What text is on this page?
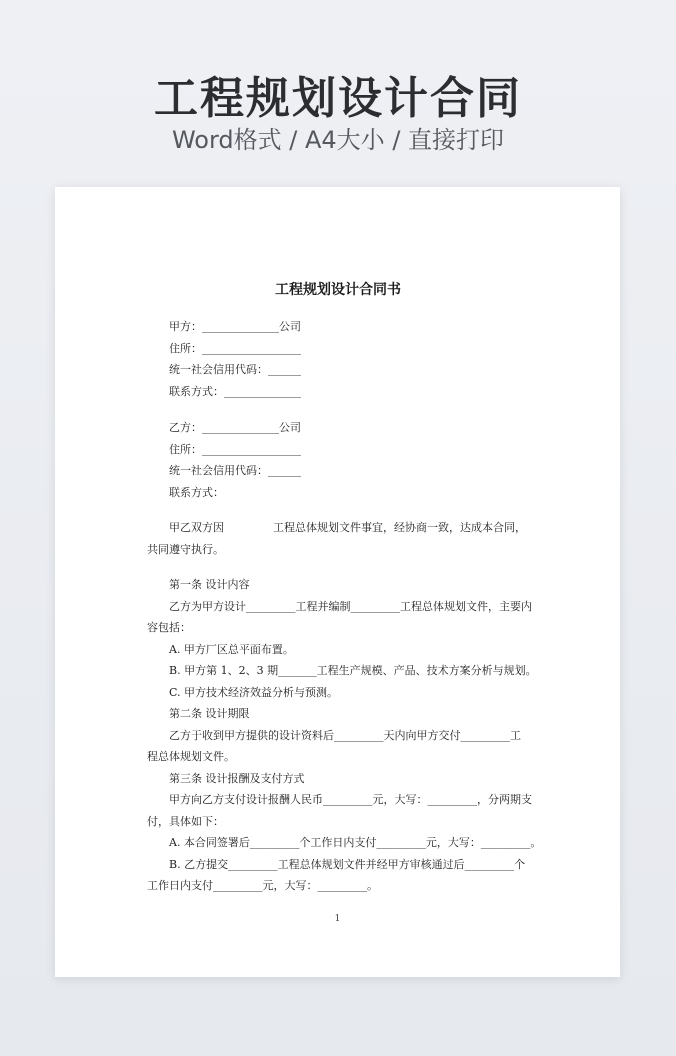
工程规划设计合同
Word格式 / A4大小 / 直接打印
工程规划设计合同书
甲方：______________公司
住所：__________________
统一社会信用代码：______
联系方式：______________
乙方：______________公司
住所：__________________
统一社会信用代码：______
联系方式：
甲乙双方因              工程总体规划文件事宜，经协商一致，达成本合同，
共同遵守执行。
第一条 设计内容
乙方为甲方设计_________工程并编制_________工程总体规划文件，主要内
容包括：
A. 甲方厂区总平面布置。
B. 甲方第 1、2、3 期_______工程生产规模、产品、技术方案分析与规划。
C. 甲方技术经济效益分析与预测。
第二条 设计期限
乙方于收到甲方提供的设计资料后_________天内向甲方交付_________工
程总体规划文件。
第三条 设计报酬及支付方式
甲方向乙方支付设计报酬人民币_________元，大写：_________，分两期支
付，具体如下：
A. 本合同签署后_________个工作日内支付_________元，大写：_________。
B. 乙方提交_________工程总体规划文件并经甲方审核通过后_________个
工作日内支付_________元，大写：_________。
1
